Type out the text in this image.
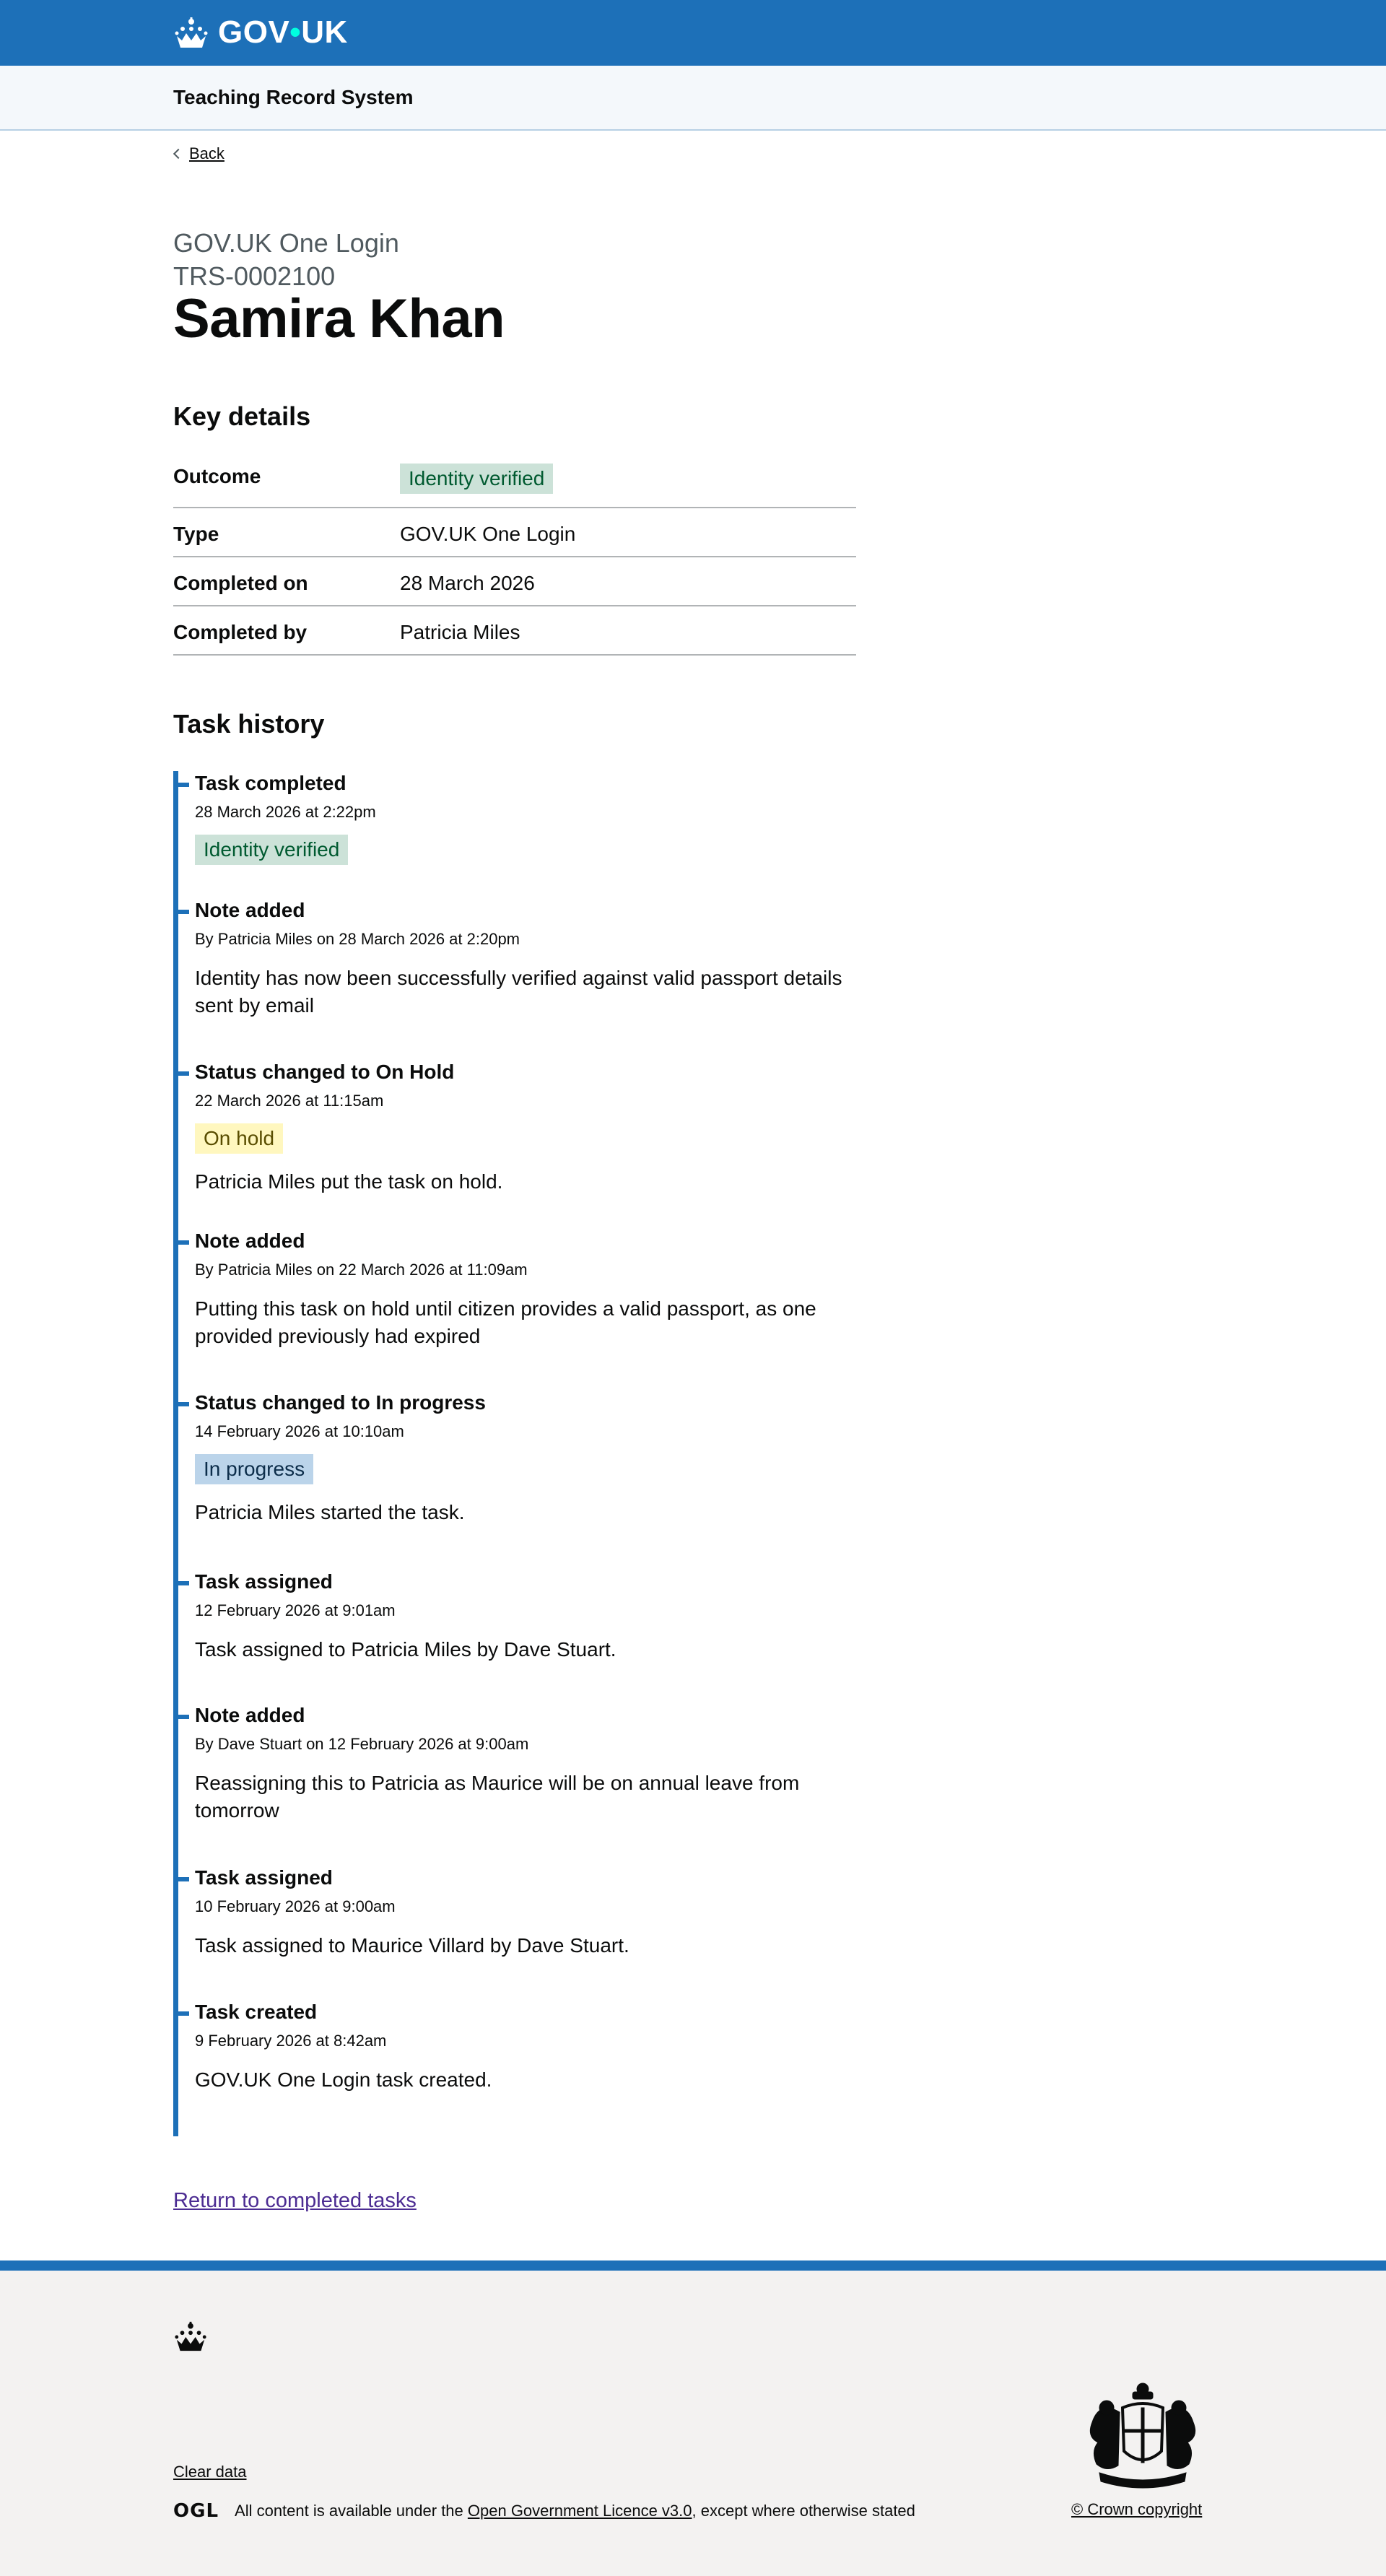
GOV•UK
Teaching Record System
Back
GOV.UK One Login
TRS-0002100
Samira Khan
Key details
Outcome	Identity verified
Type	GOV.UK One Login
Completed on	28 March 2026
Completed by	Patricia Miles
Task history
Task completed
28 March 2026 at 2:22pm
Identity verified
Note added
By Patricia Miles on 28 March 2026 at 2:20pm
Identity has now been successfully verified against valid passport details sent by email
Status changed to On Hold
22 March 2026 at 11:15am
On hold
Patricia Miles put the task on hold.
Note added
By Patricia Miles on 22 March 2026 at 11:09am
Putting this task on hold until citizen provides a valid passport, as one provided previously had expired
Status changed to In progress
14 February 2026 at 10:10am
In progress
Patricia Miles started the task.
Task assigned
12 February 2026 at 9:01am
Task assigned to Patricia Miles by Dave Stuart.
Note added
By Dave Stuart on 12 February 2026 at 9:00am
Reassigning this to Patricia as Maurice will be on annual leave from tomorrow
Task assigned
10 February 2026 at 9:00am
Task assigned to Maurice Villard by Dave Stuart.
Task created
9 February 2026 at 8:42am
GOV.UK One Login task created.
Return to completed tasks
Clear data
OGL All content is available under the Open Government Licence v3.0 , except where otherwise stated	© Crown copyright
